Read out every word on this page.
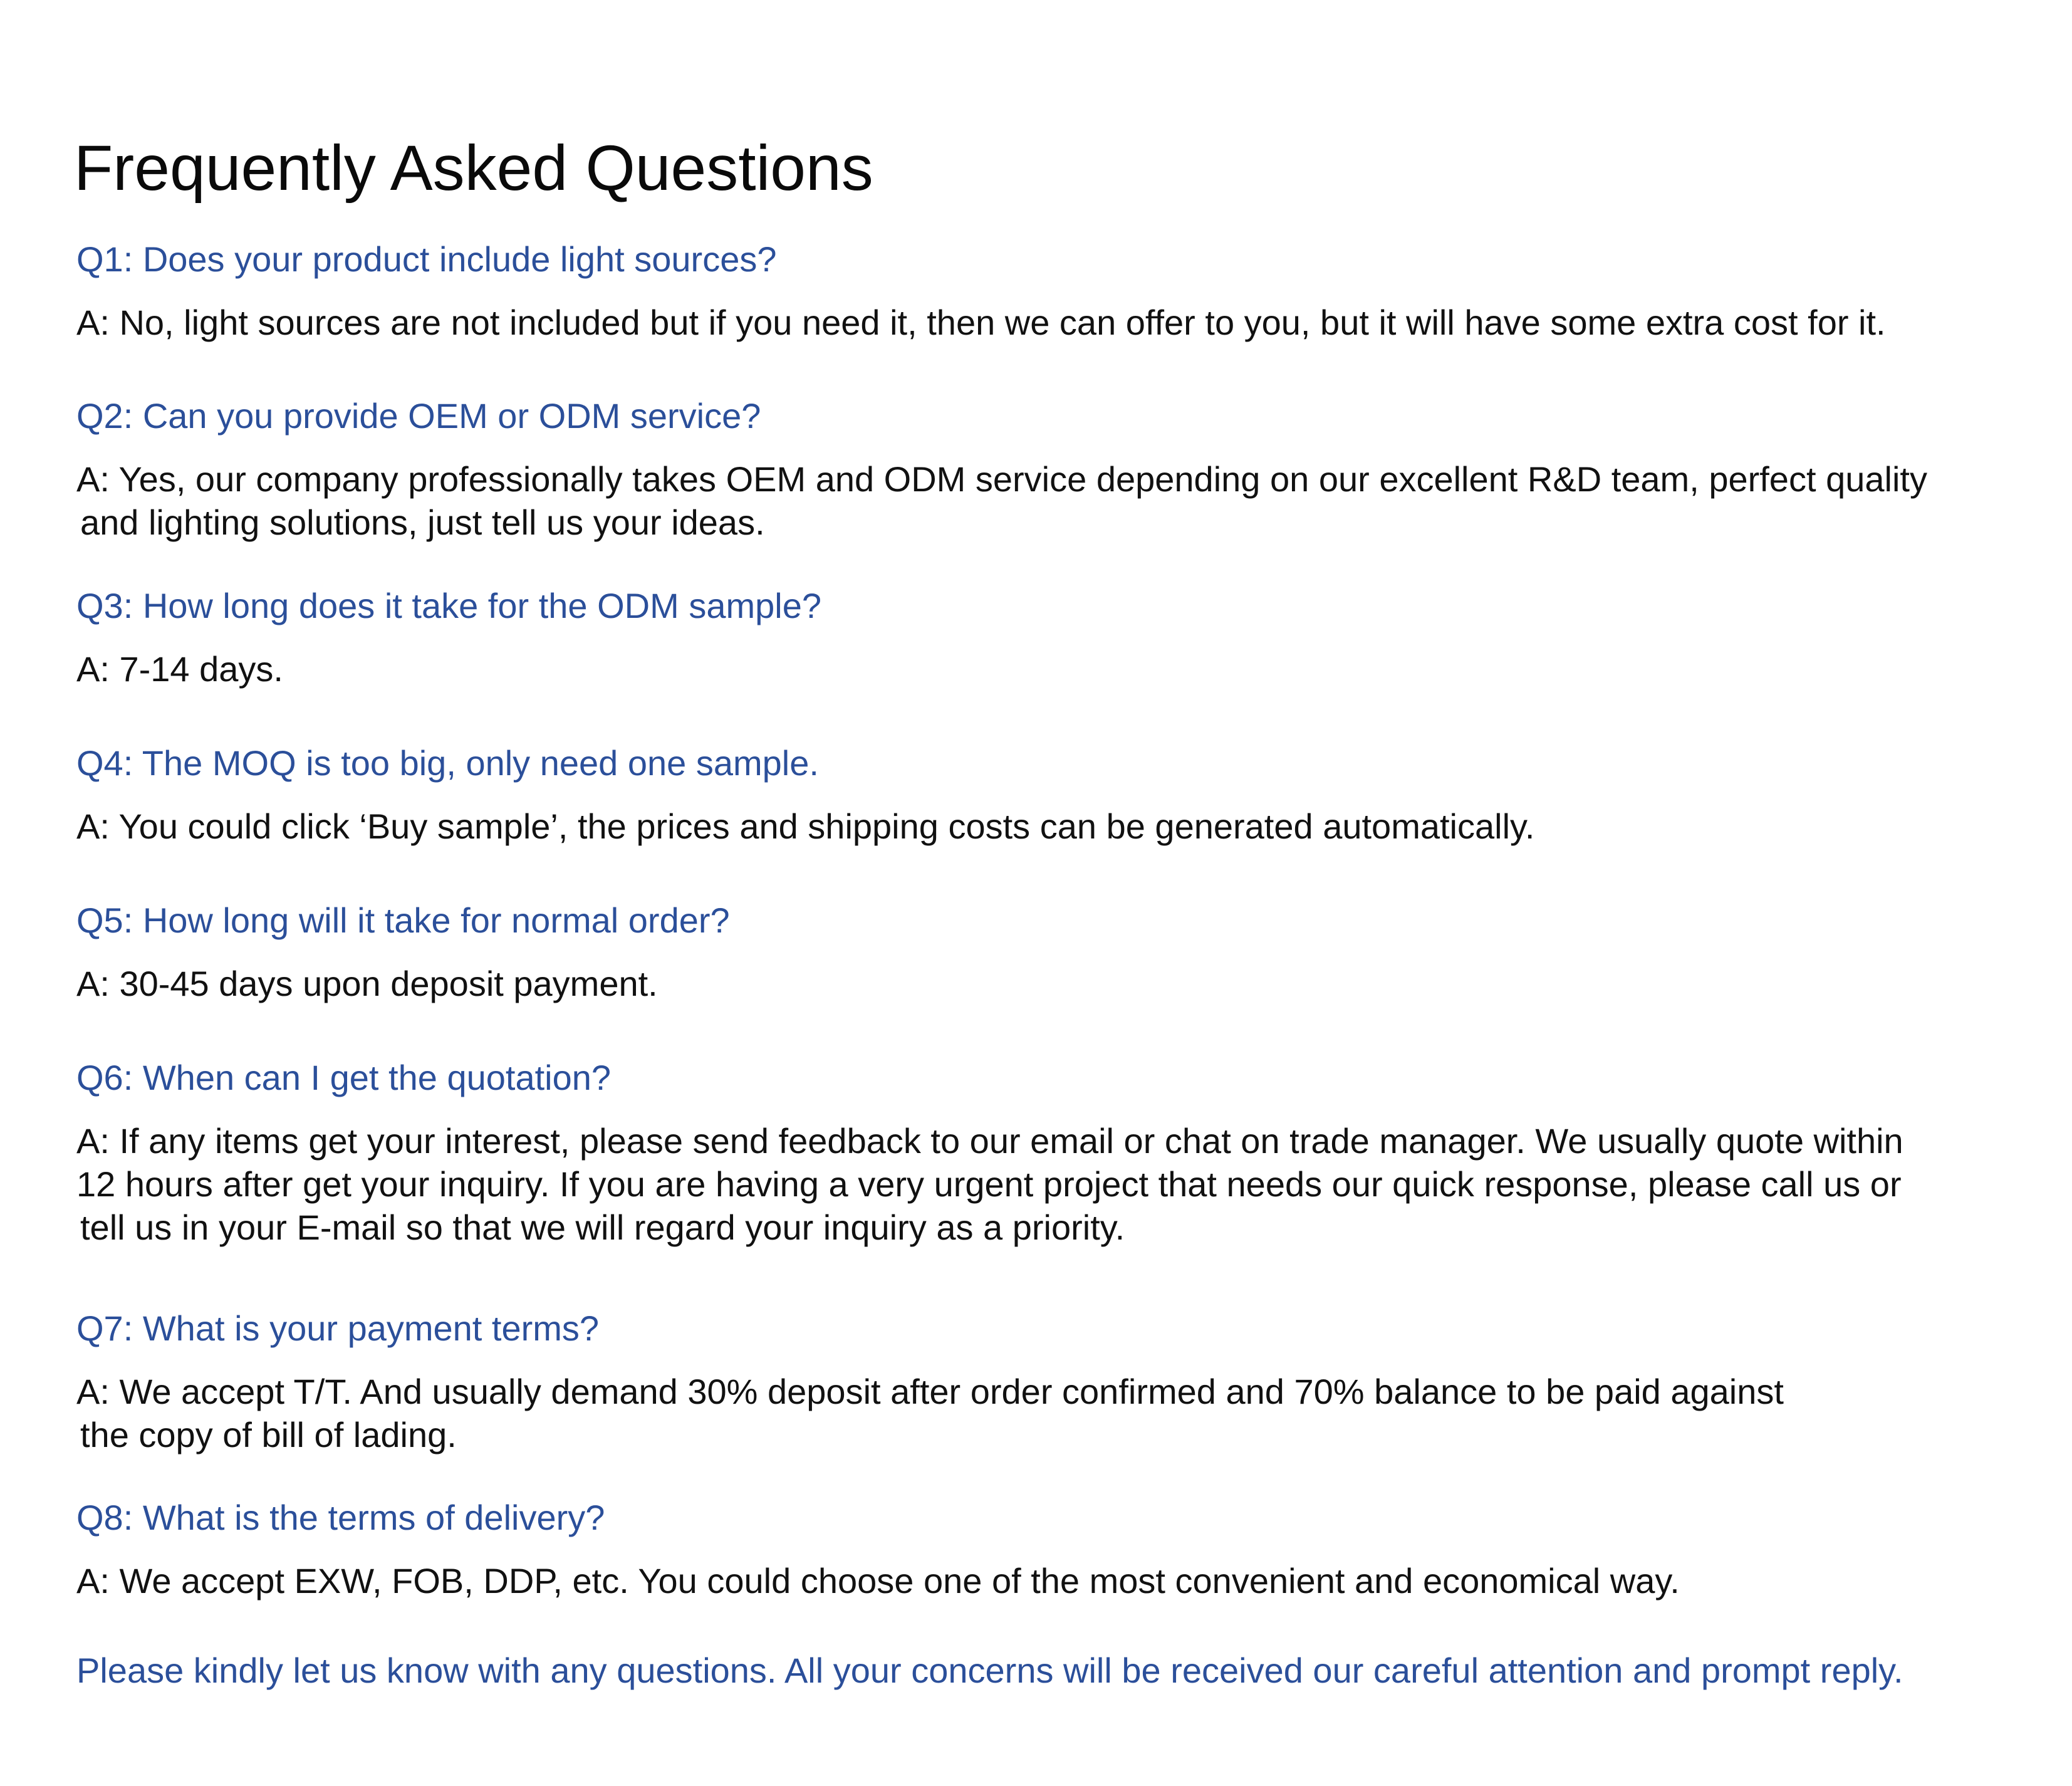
Frequently Asked Questions
Q1: Does your product include light sources?
A: No, light sources are not included but if you need it, then we can offer to you, but it will have some extra cost for it.
Q2: Can you provide OEM or ODM service?
A: Yes, our company professionally takes OEM and ODM service depending on our excellent R&D team, perfect quality
and lighting solutions, just tell us your ideas.
Q3: How long does it take for the ODM sample?
A: 7-14 days.
Q4: The MOQ is too big, only need one sample.
A: You could click ‘Buy sample’, the prices and shipping costs can be generated automatically.
Q5: How long will it take for normal order?
A: 30-45 days upon deposit payment.
Q6: When can I get the quotation?
A: If any items get your interest, please send feedback to our email or chat on trade manager. We usually quote within
12 hours after get your inquiry. If you are having a very urgent project that needs our quick response, please call us or
tell us in your E-mail so that we will regard your inquiry as a priority.
Q7: What is your payment terms?
A: We accept T/T. And usually demand 30% deposit after order confirmed and 70% balance to be paid against
the copy of bill of lading.
Q8: What is the terms of delivery?
A: We accept EXW, FOB, DDP, etc. You could choose one of the most convenient and economical way.
Please kindly let us know with any questions. All your concerns will be received our careful attention and prompt reply.
